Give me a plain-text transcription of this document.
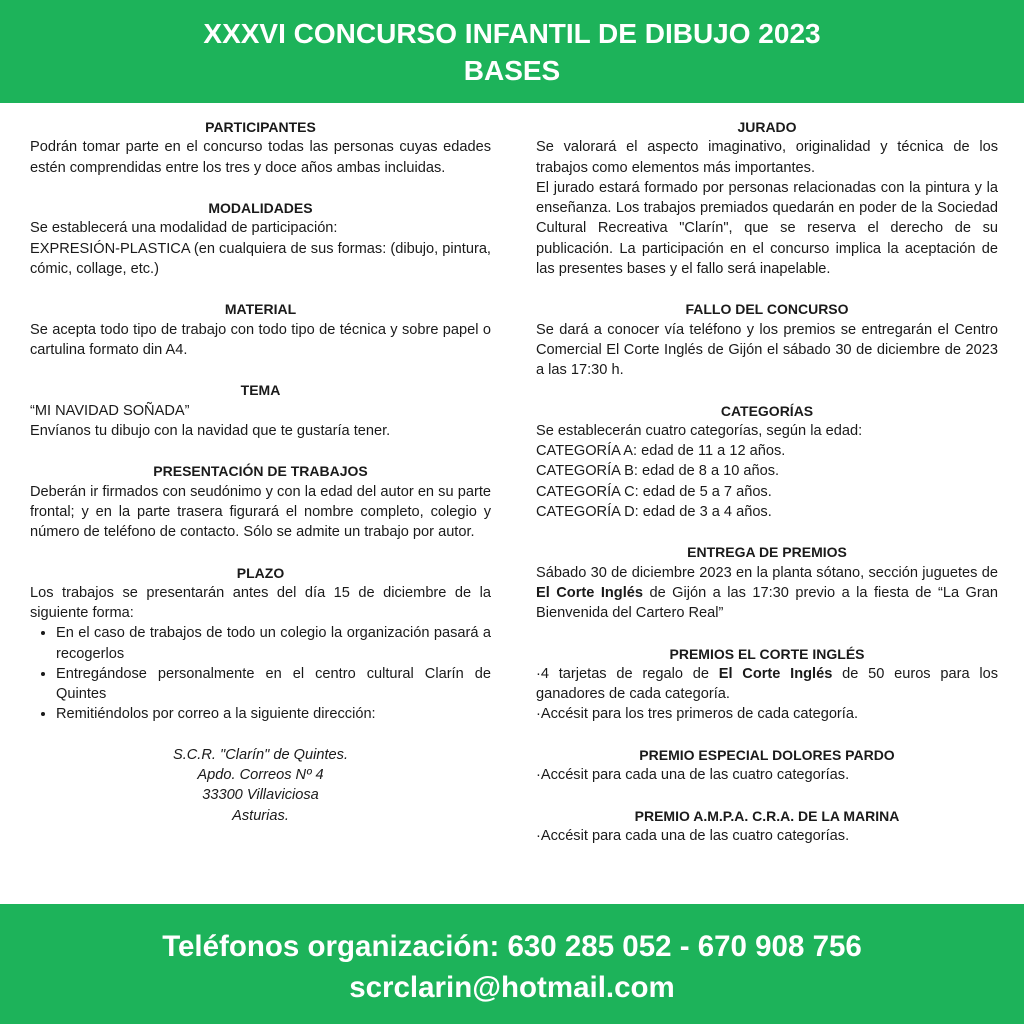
XXXVI CONCURSO INFANTIL DE DIBUJO 2023
BASES
PARTICIPANTES
Podrán tomar parte en el concurso todas las personas cuyas edades estén comprendidas entre los tres y doce años ambas incluidas.
MODALIDADES
Se establecerá una modalidad de participación:
EXPRESIÓN-PLASTICA (en cualquiera de sus formas: (dibujo, pintura, cómic, collage, etc.)
MATERIAL
Se acepta todo tipo de trabajo con todo tipo de técnica y sobre papel o cartulina formato din A4.
TEMA
“MI NAVIDAD SOÑADA”
Envíanos tu dibujo con la navidad que te gustaría tener.
PRESENTACIÓN DE TRABAJOS
Deberán ir firmados con seudónimo y con la edad del autor en su parte frontal; y en la parte trasera figurará el nombre completo, colegio y número de teléfono de contacto. Sólo se admite un trabajo por autor.
PLAZO
Los trabajos se presentarán antes del día 15 de diciembre de la siguiente forma:
• En el caso de trabajos de todo un colegio la organización pasará a recogerlos
• Entregándose personalmente en el centro cultural Clarín de Quintes
• Remitiéndolos por correo a la siguiente dirección:
S.C.R. "Clarín" de Quintes.
Apdo. Correos Nº 4
33300 Villaviciosa
Asturias.
JURADO
Se valorará el aspecto imaginativo, originalidad y técnica de los trabajos como elementos más importantes.
El jurado estará formado por personas relacionadas con la pintura y la enseñanza. Los trabajos premiados quedarán en poder de la Sociedad Cultural Recreativa "Clarín", que se reserva el derecho de su publicación. La participación en el concurso implica la aceptación de las presentes bases y el fallo será inapelable.
FALLO DEL CONCURSO
Se dará a conocer vía teléfono y los premios se entregarán el Centro Comercial El Corte Inglés de Gijón el sábado 30 de diciembre de 2023 a las 17:30 h.
CATEGORÍAS
Se establecerán cuatro categorías, según la edad:
CATEGORÍA A: edad de 11 a 12 años.
CATEGORÍA B: edad de 8 a 10 años.
CATEGORÍA C: edad de 5 a 7 años.
CATEGORÍA D: edad de 3 a 4 años.
ENTREGA DE PREMIOS
Sábado 30 de diciembre 2023 en la planta sótano, sección juguetes de El Corte Inglés de Gijón a las 17:30 previo a la fiesta de “La Gran Bienvenida del Cartero Real”
PREMIOS EL CORTE INGLÉS
·4 tarjetas de regalo de El Corte Inglés de 50 euros para los ganadores de cada categoría.
·Accésit para los tres primeros de cada categoría.
PREMIO ESPECIAL DOLORES PARDO
·Accésit para cada una de las cuatro categorías.
PREMIO A.M.P.A. C.R.A. DE LA MARINA
·Accésit para cada una de las cuatro categorías.
Teléfonos organización: 630 285 052 - 670 908 756
scrclarin@hotmail.com
